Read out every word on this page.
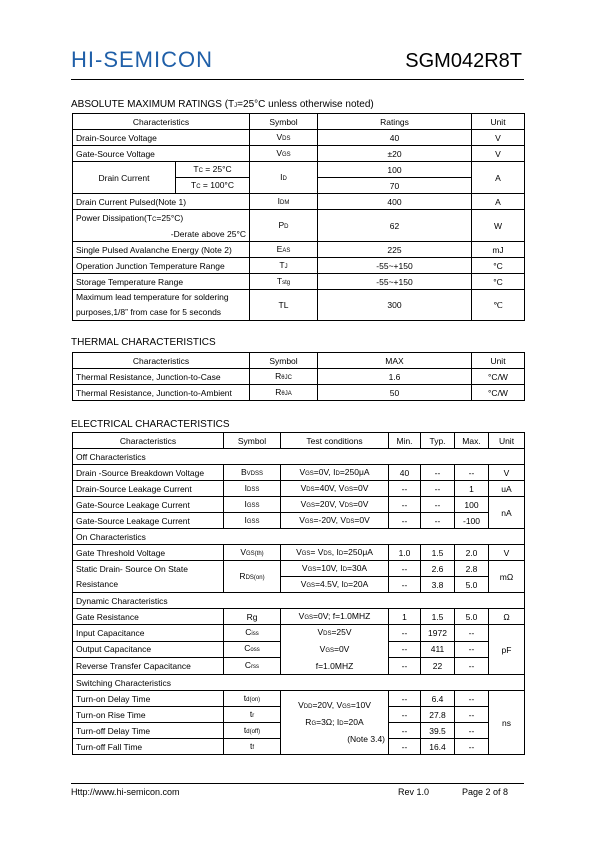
HI-SEMICON	SGM042R8T
ABSOLUTE MAXIMUM RATINGS (TJ=25°C unless otherwise noted)
Characteristics		Symbol	Ratings	Unit
Drain-Source Voltage		VDS	40	V
Gate-Source Voltage		VGS	±20	V
Drain Current	TC = 25°C	ID	100	A
	TC = 100°C		70	
Drain Current Pulsed(Note 1)		IDM	400	A

Power Dissipation(TC=25°C)
-Derate above 25°C		PD	62	W
Single Pulsed Avalanche Energy (Note 2)		EAS	225	mJ
Operation Junction Temperature Range		TJ	-55~+150	°C
Storage Temperature Range		Tstg	-55~+150	°C

Maximum lead temperature for soldering
purposes,1/8” from case for 5 seconds		TL	300	℃
THERMAL CHARACTERISTICS
Characteristics	Symbol	MAX	Unit
Thermal Resistance, Junction-to-Case	RθJC	1.6	°C/W
Thermal Resistance, Junction-to-Ambient	RθJA	50	°C/W
ELECTRICAL CHARACTERISTICS
Characteristics	Symbol	Test conditions	Min.	Typ.	Max.	Unit
Off Characteristics						
Drain -Source Breakdown Voltage	BVDSS	VGS=0V, ID=250μA	40	--	--	V
Drain-Source Leakage Current	IDSS	VDS=40V, VGS=0V	--	--	1	uA
Gate-Source Leakage Current	IGSS	VGS=20V, VDS=0V	--	--	100	nA
Gate-Source Leakage Current	IGSS	VGS=-20V, VDS=0V	--	--	-100	
On Characteristics						
Gate Threshold Voltage	VGS(th)	VGS= VDS, ID=250μA	1.0	1.5	2.0	V

Static Drain- Source On State
Resistance	RDS(on)	VGS=10V, ID=30A	--	2.6	2.8	mΩ
		VGS=4.5V, ID=20A	--	3.8	5.0	
Dynamic Characteristics						
Gate Resistance	Rg	VGS=0V; f=1.0MHZ	1	1.5	5.0	Ω
Input Capacitance	Ciss	VDS=25V
VGS=0V
f=1.0MHZ	--	1972	--	pF
Output Capacitance	Coss		--	411	--	
Reverse Transfer Capacitance	Crss		--	22	--	
Switching Characteristics						
Turn-on Delay Time	td(on)	VDD=20V, VGS=10V
RG=3Ω; ID=20A
(Note 3.4)	--	6.4	--	ns
Turn-on Rise Time	tr		--	27.8	--	
Turn-off Delay Time	td(off)		--	39.5	--	
Turn-off Fall Time	tf		--	16.4	--	
Http://www.hi-semicon.com	Rev 1.0	Page 2 of 8
